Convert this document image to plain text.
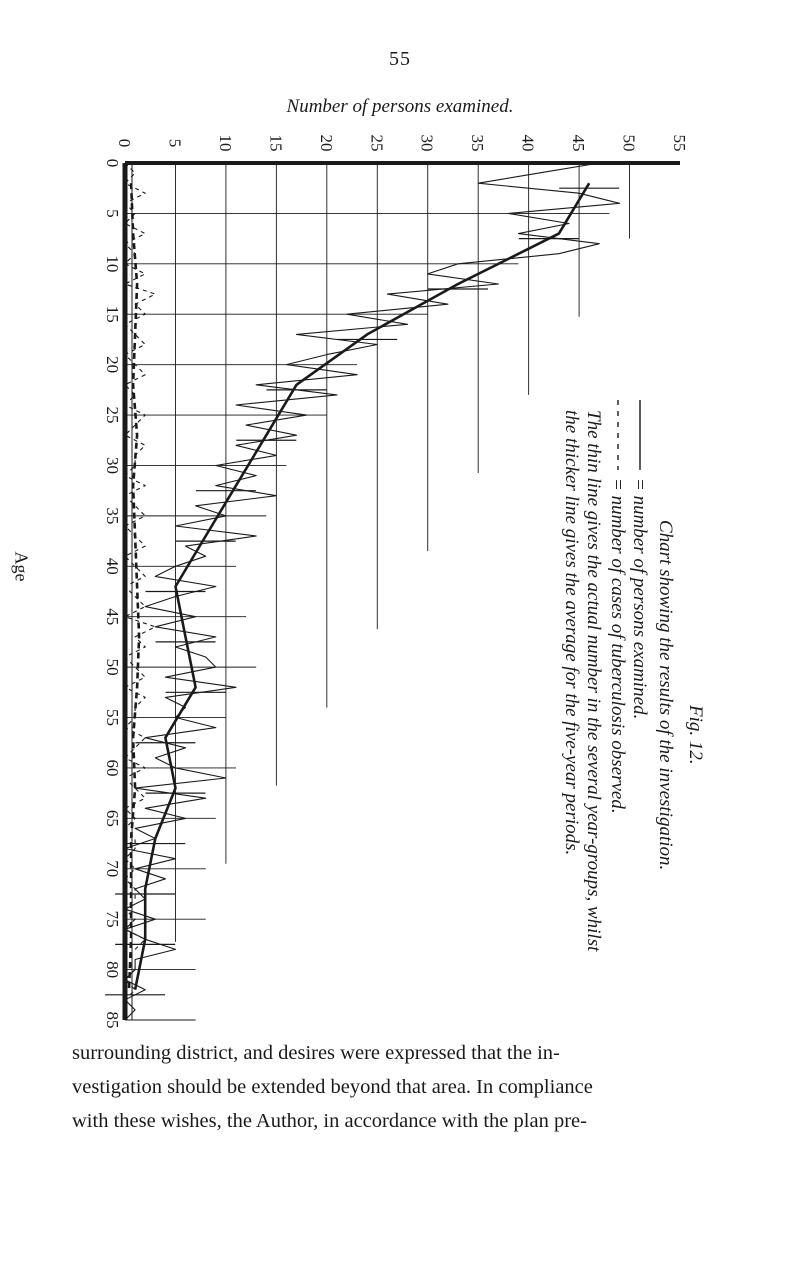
55
Number of persons examined.
0 5 10 15 20 25 30 35 40 45 50 55
0
5
10
15
20
25
30
35
40
45
50
55
60
65
70
75
80
85
Fig. 12.
Chart showing the results of the investigation.
= number of persons examined.
= number of cases of tuberculosis observed.
The thin line gives the actual number in the several year-groups, whilst
the thicker line gives the average for the five-year periods.
Age
surrounding district, and desires were expressed that the in-
vestigation should be extended beyond that area. In compliance
with these wishes, the Author, in accordance with the plan pre-
